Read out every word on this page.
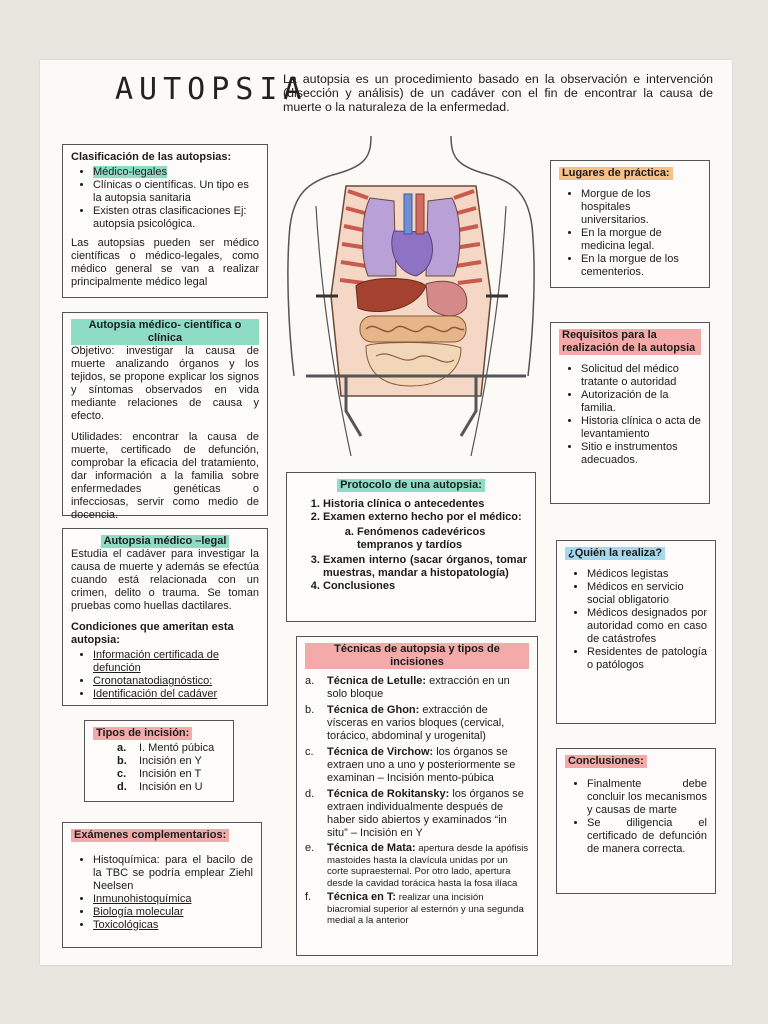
AUTOPSIA
La autopsia es un procedimiento basado en la observación e intervención (disección y análisis) de un cadáver con el fin de encontrar la causa de muerte o la naturaleza de la enfermedad.
Clasificación de las autopsias:
• Médico-legales
• Clínicas o científicas. Un tipo es la autopsia sanitaria
• Existen otras clasificaciones Ej: autopsia psicológica.

Las autopsias pueden ser médico científicas o médico-legales, como médico general se van a realizar principalmente médico legal

Autopsia médico- científica o clínica

Objetivo: investigar la causa de muerte analizando órganos y los tejidos, se propone explicar los signos y síntomas observados en vida mediante relaciones de causa y efecto.

Utilidades: encontrar la causa de muerte, certificado de defunción, comprobar la eficacia del tratamiento, dar información a la familia sobre enfermedades genéticas o infecciosas, servir como medio de docencia.

Autopsia médico –legal

Estudia el cadáver para investigar la causa de muerte y además se efectúa cuando está relacionada con un crimen, delito o trauma. Se toman pruebas como huellas dactilares.

Condiciones que ameritan esta autopsia:

• Información certificada de defunción
• Cronotanatodiagnóstico:
• Identificación del cadáver
Tipos de incisión:
a. I. Mentó púbica
b. Incisión en Y
c. Incisión en T
d. Incisión en U
Exámenes complementarios:
• Histoquímica: para el bacilo de la TBC se podría emplear Ziehl Neelsen
• Inmunohistoquímica
• Biología molecular
• Toxicológicas
Lugares de práctica:
• Morgue de los hospitales universitarios.
• En la morgue de medicina legal.
• En la morgue de los cementerios.
Requisitos para la realización de la autopsia
• Solicitud del médico tratante o autoridad
• Autorización de la familia.
• Historia clínica o acta de levantamiento
• Sitio e instrumentos adecuados.
Protocolo de una autopsia:
1. Historia clínica o antecedentes
2. Examen externo hecho por el médico:
a. Fenómenos cadevéricos tempranos y tardíos
3. Examen interno (sacar órganos, tomar muestras, mandar a histopatología)
4. Conclusiones
¿Quién la realiza?
• Médicos legistas
• Médicos en servicio social obligatorio
• Médicos designados por autoridad como en caso de catástrofes
• Residentes de patología o patólogos
Técnicas de autopsia y tipos de incisiones
a.	Técnica de Letulle: extracción en un solo bloque
b.	Técnica de Ghon: extracción de vísceras en varios bloques (cervical, torácico, abdominal y urogenital)
c.	Técnica de Virchow: los órganos se extraen uno a uno y posteriormente se examinan – Incisión mento-púbica
d.	Técnica de Rokitansky: los órganos se extraen individualmente después de haber sido abiertos y examinados “in situ” – Incisión en Y
e.	Técnica de Mata: apertura desde la apófisis mastoides hasta la clavícula unidas por un corte supraesternal. Por otro lado, apertura desde la cavidad torácica hasta la fosa ilíaca
f.	Técnica en T: realizar una incisión biacromial superior al esternón y una segunda medial a la anterior
Conclusiones:
• Finalmente debe concluir los mecanismos y causas de marte
• Se diligencia el certificado de defunción de manera correcta.
